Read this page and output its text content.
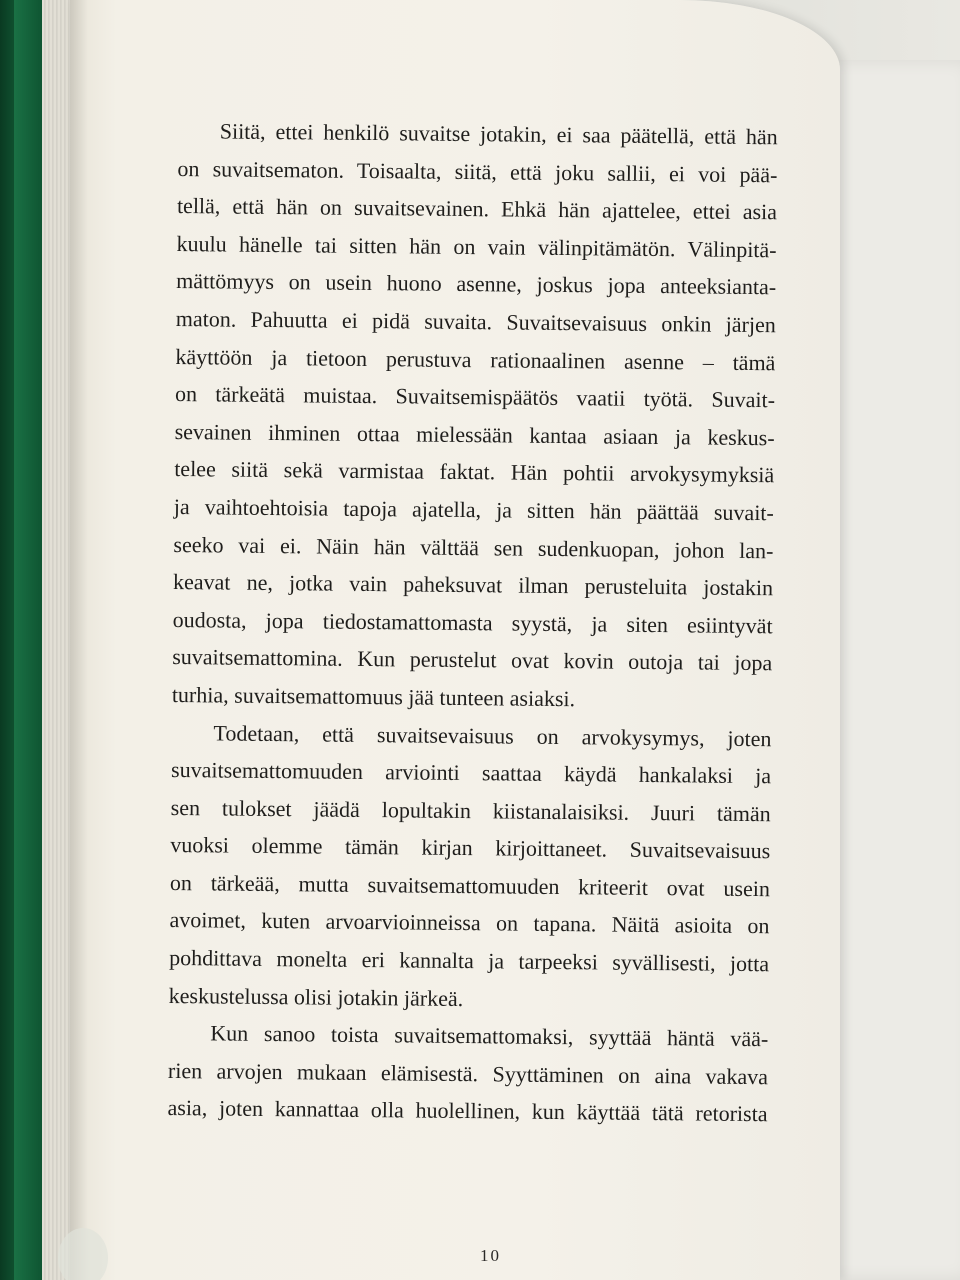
Siitä, ettei henkilö suvaitse jotakin, ei saa päätellä, että hän
on suvaitsematon. Toisaalta, siitä, että joku sallii, ei voi pää-
tellä, että hän on suvaitsevainen. Ehkä hän ajattelee, ettei asia
kuulu hänelle tai sitten hän on vain välinpitämätön. Välinpitä-
mättömyys on usein huono asenne, joskus jopa anteeksianta-
maton. Pahuutta ei pidä suvaita. Suvaitsevaisuus onkin järjen
käyttöön ja tietoon perustuva rationaalinen asenne – tämä
on tärkeätä muistaa. Suvaitsemispäätös vaatii työtä. Suvait-
sevainen ihminen ottaa mielessään kantaa asiaan ja keskus-
telee siitä sekä varmistaa faktat. Hän pohtii arvokysymyksiä
ja vaihtoehtoisia tapoja ajatella, ja sitten hän päättää suvait-
seeko vai ei. Näin hän välttää sen sudenkuopan, johon lan-
keavat ne, jotka vain paheksuvat ilman perusteluita jostakin
oudosta, jopa tiedostamattomasta syystä, ja siten esiintyvät
suvaitsemattomina. Kun perustelut ovat kovin outoja tai jopa
turhia, suvaitsemattomuus jää tunteen asiaksi.

Todetaan, että suvaitsevaisuus on arvokysymys, joten
suvaitsemattomuuden arviointi saattaa käydä hankalaksi ja
sen tulokset jäädä lopultakin kiistanalaisiksi. Juuri tämän
vuoksi olemme tämän kirjan kirjoittaneet. Suvaitsevaisuus
on tärkeää, mutta suvaitsemattomuuden kriteerit ovat usein
avoimet, kuten arvoarvioinneissa on tapana. Näitä asioita on
pohdittava monelta eri kannalta ja tarpeeksi syvällisesti, jotta
keskustelussa olisi jotakin järkeä.

Kun sanoo toista suvaitsemattomaksi, syyttää häntä vää-
rien arvojen mukaan elämisestä. Syyttäminen on aina vakava
asia, joten kannattaa olla huolellinen, kun käyttää tätä retorista

10
